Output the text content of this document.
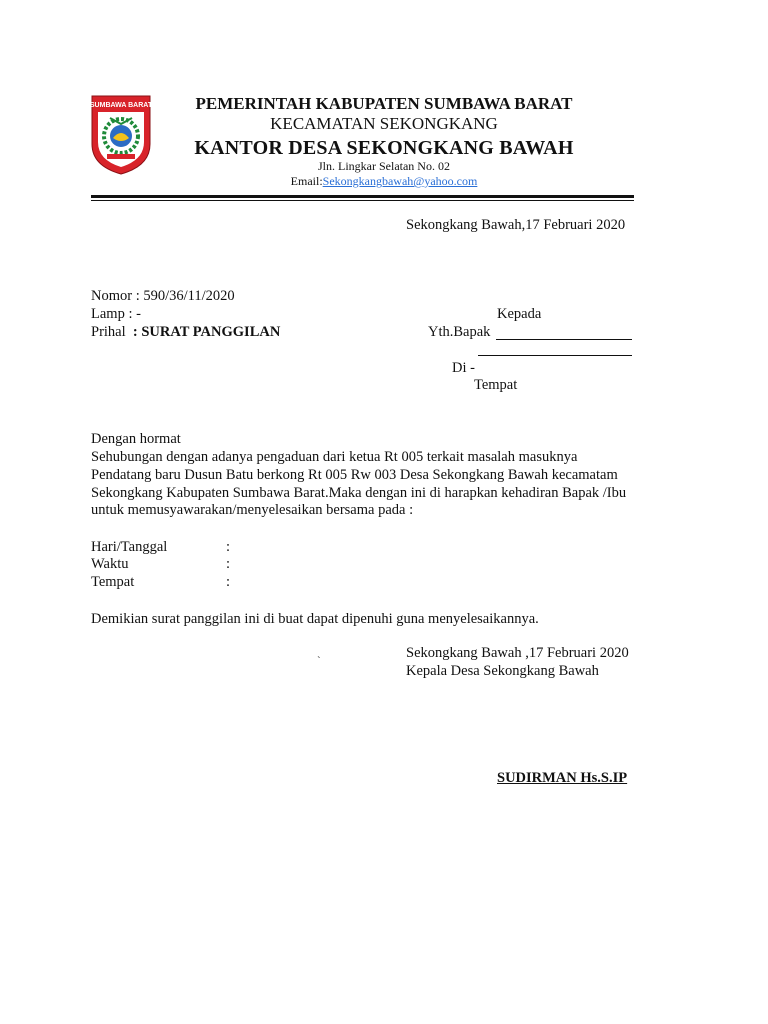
SUMBAWA BARAT	PEMERINTAH KABUPATEN SUMBAWA BARAT
KECAMATAN SEKONGKANG
KANTOR DESA SEKONGKANG BAWAH
Jln. Lingkar Selatan No. 02
Email:Sekongkangbawah@yahoo.com
Sekongkang Bawah,17 Februari 2020
Nomor : 590/36/11/2020
Lamp : -
Prihal : SURAT PANGGILAN
Kepada
Yth.Bapak
Di -
Tempat
Dengan hormat
Sehubungan dengan adanya pengaduan dari ketua Rt 005 terkait masalah masuknya
Pendatang baru Dusun Batu berkong Rt 005 Rw 003 Desa Sekongkang Bawah kecamatam
Sekongkang Kabupaten Sumbawa Barat.Maka dengan ini di harapkan kehadiran Bapak /Ibu
untuk memusyawarakan/menyelesaikan bersama pada :
Hari/Tanggal	:
Waktu	:
Tempat	:
Demikian surat panggilan ini di buat dapat dipenuhi guna menyelesaikannya.
Sekongkang Bawah ,17 Februari 2020
`
Kepala Desa Sekongkang Bawah
SUDIRMAN Hs.S.IP
